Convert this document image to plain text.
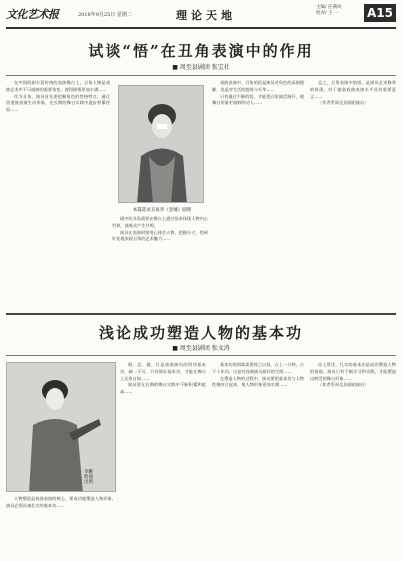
文化艺术报	2018年9月25日 星期二	理论天地
主编/ 任满风
校对/ 王 一 A15
试谈“悟”在丑角表演中的作用
■ 周至县剧团 张宝社

在中国的剧丰富传统的表演舞台上，丑角人物是戏曲艺术中不可或缺的重要角色，使得剧情更加丰满……

作为丑角，演员首先要把握角色的性格特点，通过悟道使表演生动形象，在长期的舞台实践中逐步积累经验……

本篇选录丑角李《金锤》剧照

剧中的丑角需要在舞台上通过悟来体现人物内心世界，使观众产生共鸣。

演员在表演时要用心体会人物，把握分寸，恰到好处地表现丑角的艺术魅力……

戏曲表演中，丑角的悟是演员对角色的深刻理解，也是对生活的提炼与升华……

只有通过不断的悟，才能把丑角演活演好，使舞台形象更加鲜明动人……

总之，丑角表演中的悟，是演员艺术修养的体现，对于提高戏曲表演水平具有重要意义……

（作者系周至县剧团演员）

浅论成功塑造人物的基本功
■ 周至县剧团 张文涛
李鹏程演出照

人物塑造是戏曲表演的核心，要成功地塑造人物形象，演员必须具备扎实的基本功……

唱、念、做、打是戏曲演员的四项基本功，缺一不可。只有练好基本功，才能在舞台上运用自如……

演员要在长期的舞台实践中不断积累和提高……

基本功的训练需要持之以恒，台上一分钟，台下十年功，这是对戏曲演员最好的写照……

在塑造人物的过程中，演员要把基本功与人物性格结合起来，使人物形象更加丰满……

综上所述，扎实的基本功是成功塑造人物的基础，演员只有不断学习和实践，才能塑造出鲜活的舞台形象……

（作者系周至县剧团演员）
